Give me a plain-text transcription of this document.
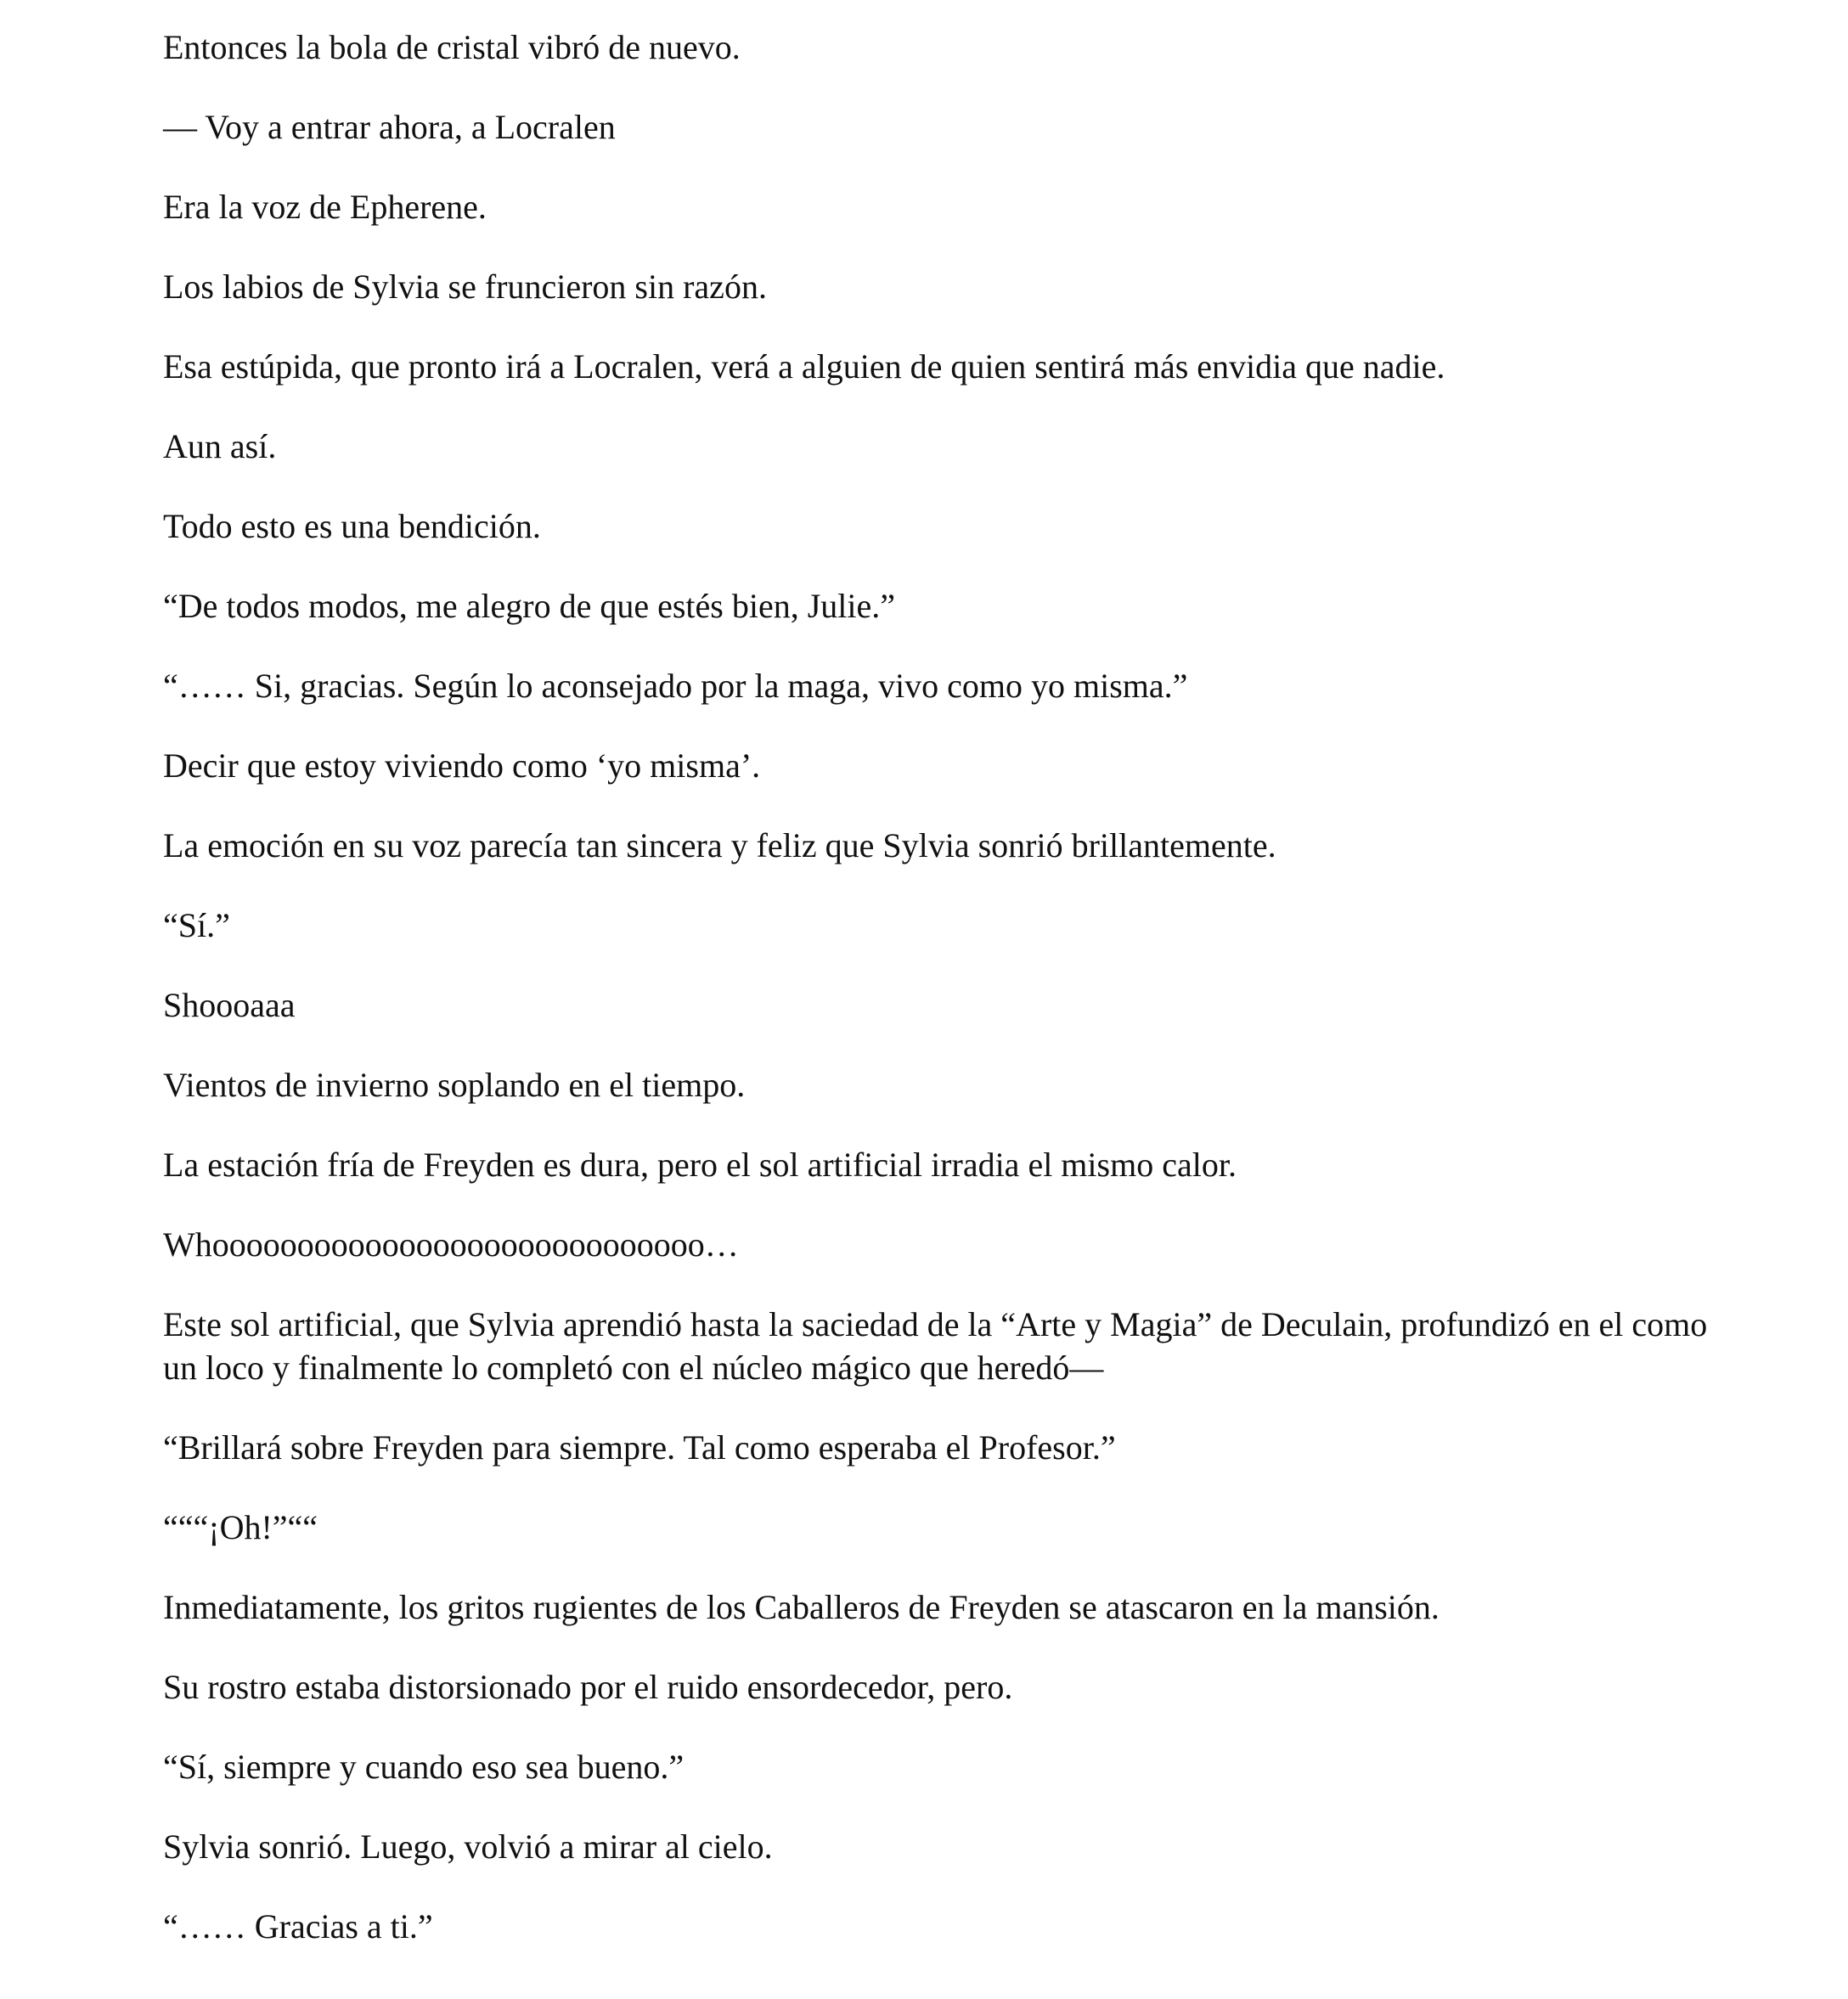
Entonces la bola de cristal vibró de nuevo.

— Voy a entrar ahora, a Locralen

Era la voz de Epherene.

Los labios de Sylvia se fruncieron sin razón.

Esa estúpida, que pronto irá a Locralen, verá a alguien de quien sentirá más envidia que nadie.

Aun así.

Todo esto es una bendición.

“De todos modos, me alegro de que estés bien, Julie.”

“…… Si, gracias. Según lo aconsejado por la maga, vivo como yo misma.”

Decir que estoy viviendo como ‘yo misma’.

La emoción en su voz parecía tan sincera y feliz que Sylvia sonrió brillantemente.

“Sí.”

Shoooaaa

Vientos de invierno soplando en el tiempo.

La estación fría de Freyden es dura, pero el sol artificial irradia el mismo calor.

Whooooooooooooooooooooooooooooo…

Este sol artificial, que Sylvia aprendió hasta la saciedad de la “Arte y Magia” de Deculain, profundizó en el como un loco y finalmente lo completó con el núcleo mágico que heredó—

“Brillará sobre Freyden para siempre. Tal como esperaba el Profesor.”

“““¡Oh!”““

Inmediatamente, los gritos rugientes de los Caballeros de Freyden se atascaron en la mansión.

Su rostro estaba distorsionado por el ruido ensordecedor, pero.

“Sí, siempre y cuando eso sea bueno.”

Sylvia sonrió. Luego, volvió a mirar al cielo.

“…… Gracias a ti.”
